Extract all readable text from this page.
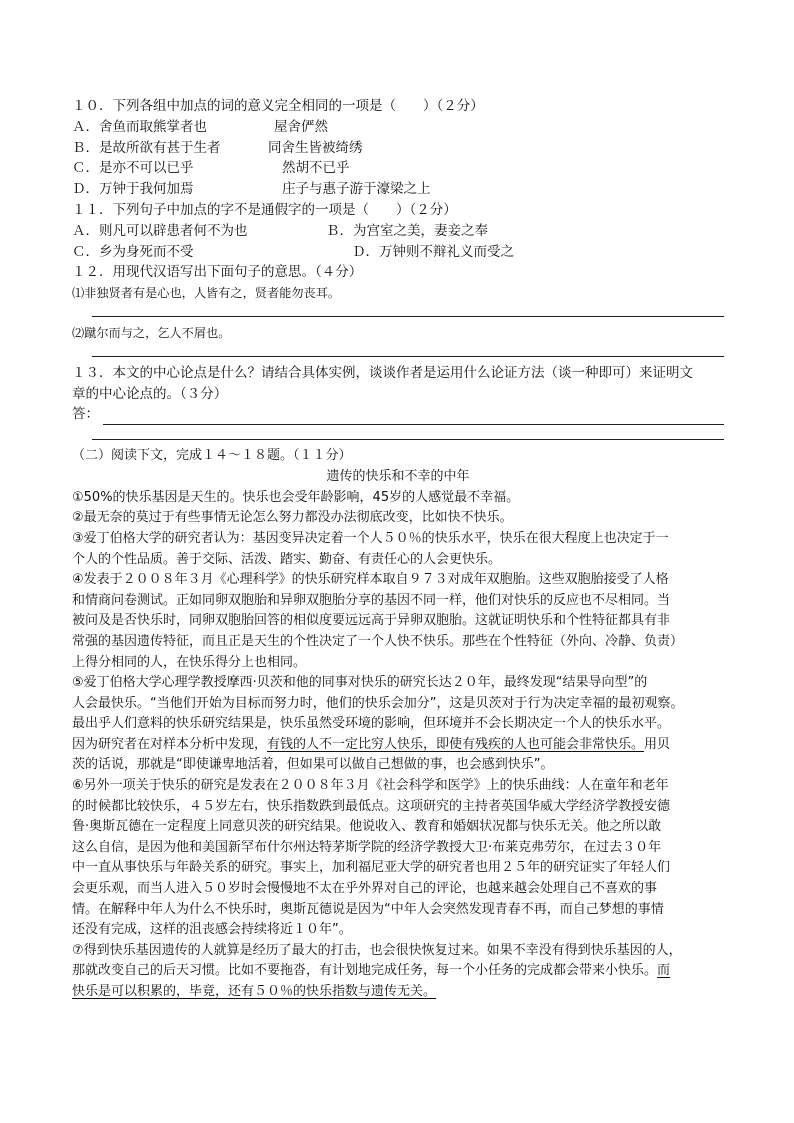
１０．下列各组中加点的词的意义完全相同的一项是（　　）（２分）
Ａ．舍鱼而取熊掌者也	屋舍俨然
Ｂ．是故所欲有甚于生者	同舍生皆被绮绣
Ｃ．是亦不可以已乎	然胡不已乎
Ｄ．万钟于我何加焉	庄子与惠子游于濠梁之上
１１．下列句子中加点的字不是通假字的一项是（　　）（２分）
Ａ．则凡可以辟患者何不为也	Ｂ．为宫室之美，妻妾之奉
Ｃ．乡为身死而不受	Ｄ．万钟则不辩礼义而受之
１２．用现代汉语写出下面句子的意思。（４分）
⑴非独贤者有是心也，人皆有之，贤者能勿丧耳。
⑵蹴尔而与之，乞人不屑也。
１３．本文的中心论点是什么？请结合具体实例，谈谈作者是运用什么论证方法（谈一种即可）来证明文
章的中心论点的。（３分）
答：
（二）阅读下文，完成１４～１８题。（１１分）
遗传的快乐和不幸的中年
①50%的快乐基因是天生的。快乐也会受年龄影响，45岁的人感觉最不幸福。
②最无奈的莫过于有些事情无论怎么努力都没办法彻底改变，比如快不快乐。
③爱丁伯格大学的研究者认为：基因变异决定着一个人５０％的快乐水平，快乐在很大程度上也决定于一
个人的个性品质。善于交际、活泼、踏实、勤奋、有责任心的人会更快乐。
④发表于２００８年３月《心理科学》的快乐研究样本取自９７３对成年双胞胎。这些双胞胎接受了人格
和情商问卷测试。正如同卵双胞胎和异卵双胞胎分享的基因不同一样，他们对快乐的反应也不尽相同。当
被问及是否快乐时，同卵双胞胎回答的相似度要远远高于异卵双胞胎。这就证明快乐和个性特征都具有非
常强的基因遗传特征，而且正是天生的个性决定了一个人快不快乐。那些在个性特征（外向、冷静、负责）
上得分相同的人，在快乐得分上也相同。
⑤爱丁伯格大学心理学教授摩西·贝茨和他的同事对快乐的研究长达２０年，最终发现“结果导向型”的
人会最快乐。“当他们开始为目标而努力时，他们的快乐会加分”，这是贝茨对于行为决定幸福的最初观察。
最出乎人们意料的快乐研究结果是，快乐虽然受环境的影响，但环境并不会长期决定一个人的快乐水平。
因为研究者在对样本分析中发现，有钱的人不一定比穷人快乐，即使有残疾的人也可能会非常快乐。用贝
茨的话说，那就是“即使谦卑地活着，但如果可以做自己想做的事，也会感到快乐”。
⑥另外一项关于快乐的研究是发表在２００８年３月《社会科学和医学》上的快乐曲线：人在童年和老年
的时候都比较快乐，４５岁左右，快乐指数跌到最低点。这项研究的主持者英国华威大学经济学教授安德
鲁·奥斯瓦德在一定程度上同意贝茨的研究结果。他说收入、教育和婚姻状况都与快乐无关。他之所以敢
这么自信，是因为他和美国新罕布什尔州达特茅斯学院的经济学教授大卫·布莱克弗劳尔，在过去３０年
中一直从事快乐与年龄关系的研究。事实上，加利福尼亚大学的研究者也用２５年的研究证实了年轻人们
会更乐观，而当人进入５０岁时会慢慢地不太在乎外界对自己的评论，也越来越会处理自己不喜欢的事
情。在解释中年人为什么不快乐时，奥斯瓦德说是因为“中年人会突然发现青春不再，而自己梦想的事情
还没有完成，这样的沮丧感会持续将近１０年”。
⑦得到快乐基因遗传的人就算是经历了最大的打击，也会很快恢复过来。如果不幸没有得到快乐基因的人，
那就改变自己的后天习惯。比如不要拖沓，有计划地完成任务，每一个小任务的完成都会带来小快乐。而
快乐是可以积累的，毕竟，还有５０％的快乐指数与遗传无关。
